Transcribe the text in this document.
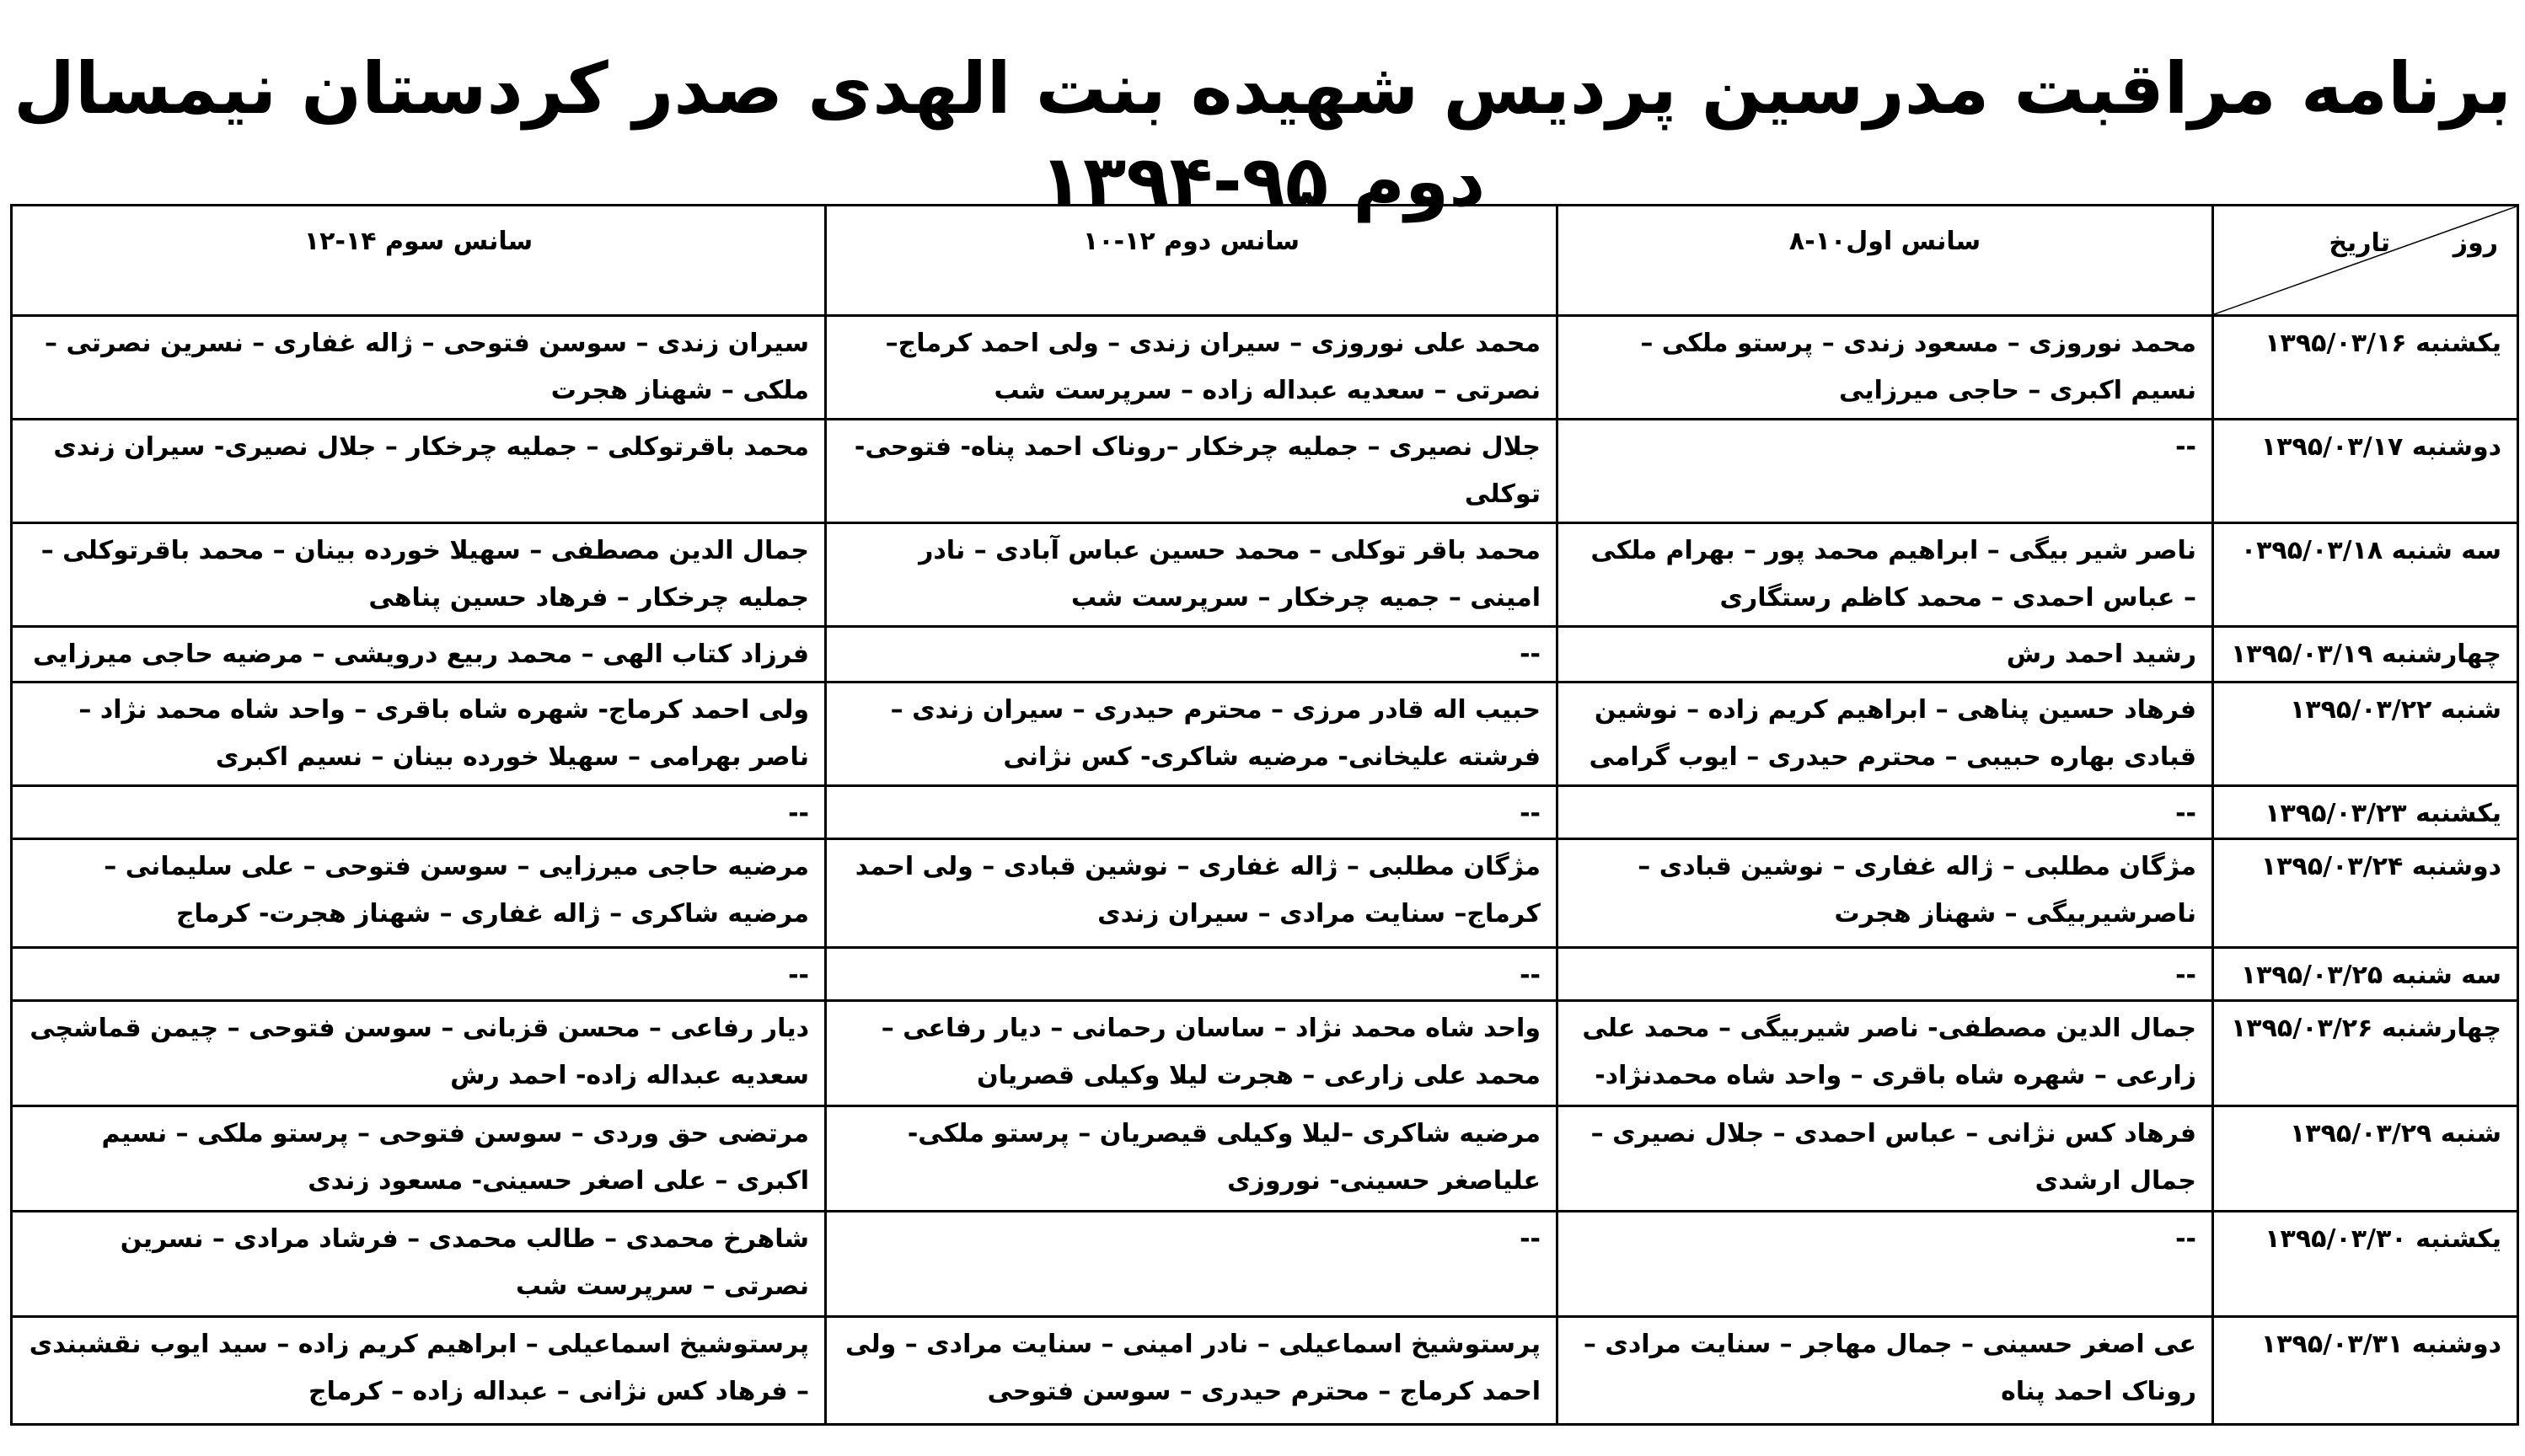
برنامه مراقبت مدرسین پردیس شهیده بنت الهدی صدر کردستان نیمسال دوم ۹۵-۱۳۹۴
روز
تاریخ	سانس اول۱۰-۸	سانس دوم ۱۲-۱۰	سانس سوم ۱۴-۱۲
یکشنبه ۱۳۹۵/۰۳/۱۶	محمد نوروزی – مسعود زندی – پرستو ملکی – نسیم اکبری – حاجی میرزایی	محمد علی نوروزی – سیران زندی – ولی احمد کرماج– نصرتی – سعدیه عبداله زاده – سرپرست شب	سیران زندی – سوسن فتوحی – ژاله غفاری – نسرین نصرتی – ملکی – شهناز هجرت
دوشنبه ۱۳۹۵/۰۳/۱۷	--	جلال نصیری – جملیه چرخکار –روناک احمد پناه- فتوحی- توکلی	محمد باقرتوکلی – جملیه چرخکار – جلال نصیری- سیران زندی
سه شنبه ۰۳۹۵/۰۳/۱۸	ناصر شیر بیگی – ابراهیم محمد پور – بهرام ملکی – عباس احمدی – محمد کاظم رستگاری	محمد باقر توکلی – محمد حسین عباس آبادی – نادر امینی – جمیه چرخکار – سرپرست شب	جمال الدین مصطفی – سهیلا خورده بینان – محمد باقرتوکلی –جملیه چرخکار – فرهاد حسین پناهی
چهارشنبه ۱۳۹۵/۰۳/۱۹	رشید احمد رش	--	فرزاد کتاب الهی – محمد ربیع درویشی – مرضیه حاجی میرزایی
شنبه ۱۳۹۵/۰۳/۲۲	فرهاد حسین پناهی – ابراهیم کریم زاده – نوشین قبادی بهاره حبیبی – محترم حیدری – ایوب گرامی	حبیب اله قادر مرزی – محترم حیدری – سیران زندی – فرشته علیخانی- مرضیه شاکری- کس نژانی	ولی احمد کرماج- شهره شاه باقری – واحد شاه محمد نژاد – ناصر بهرامی – سهیلا خورده بینان – نسیم اکبری
یکشنبه ۱۳۹۵/۰۳/۲۳	--	--	--
دوشنبه ۱۳۹۵/۰۳/۲۴	مژگان مطلبی – ژاله غفاری – نوشین قبادی – ناصرشیربیگی – شهناز هجرت	مژگان مطلبی – ژاله غفاری – نوشین قبادی – ولی احمد کرماج– سنایت مرادی – سیران زندی	مرضیه حاجی میرزایی – سوسن فتوحی – علی سلیمانی – مرضیه شاکری – ژاله غفاری – شهناز هجرت- کرماج
سه شنبه ۱۳۹۵/۰۳/۲۵	--	--	--
چهارشنبه ۱۳۹۵/۰۳/۲۶	جمال الدین مصطفی- ناصر شیربیگی – محمد علی زارعی – شهره شاه باقری – واحد شاه محمدنژاد-	واحد شاه محمد نژاد – ساسان رحمانی – دیار رفاعی – محمد علی زارعی – هجرت لیلا وکیلی قصریان	دیار رفاعی – محسن قزبانی – سوسن فتوحی – چیمن قماشچی سعدیه عبداله زاده- احمد رش
شنبه ۱۳۹۵/۰۳/۲۹	فرهاد کس نژانی – عباس احمدی – جلال نصیری – جمال ارشدی	مرضیه شاکری –لیلا وکیلی قیصریان – پرستو ملکی- علیاصغر حسینی- نوروزی	مرتضی حق وردی – سوسن فتوحی – پرستو ملکی – نسیم اکبری – علی اصغر حسینی- مسعود زندی
یکشنبه ۱۳۹۵/۰۳/۳۰	--	--	شاهرخ محمدی – طالب محمدی – فرشاد مرادی – نسرین نصرتی – سرپرست شب
دوشنبه ۱۳۹۵/۰۳/۳۱	عی اصغر حسینی – جمال مهاجر – سنایت مرادی – روناک احمد پناه	پرستوشیخ اسماعیلی – نادر امینی – سنایت مرادی – ولی احمد کرماج – محترم حیدری – سوسن فتوحی	پرستوشیخ اسماعیلی – ابراهیم کریم زاده – سید ایوب نقشبندی – فرهاد کس نژانی – عبداله زاده – کرماج
